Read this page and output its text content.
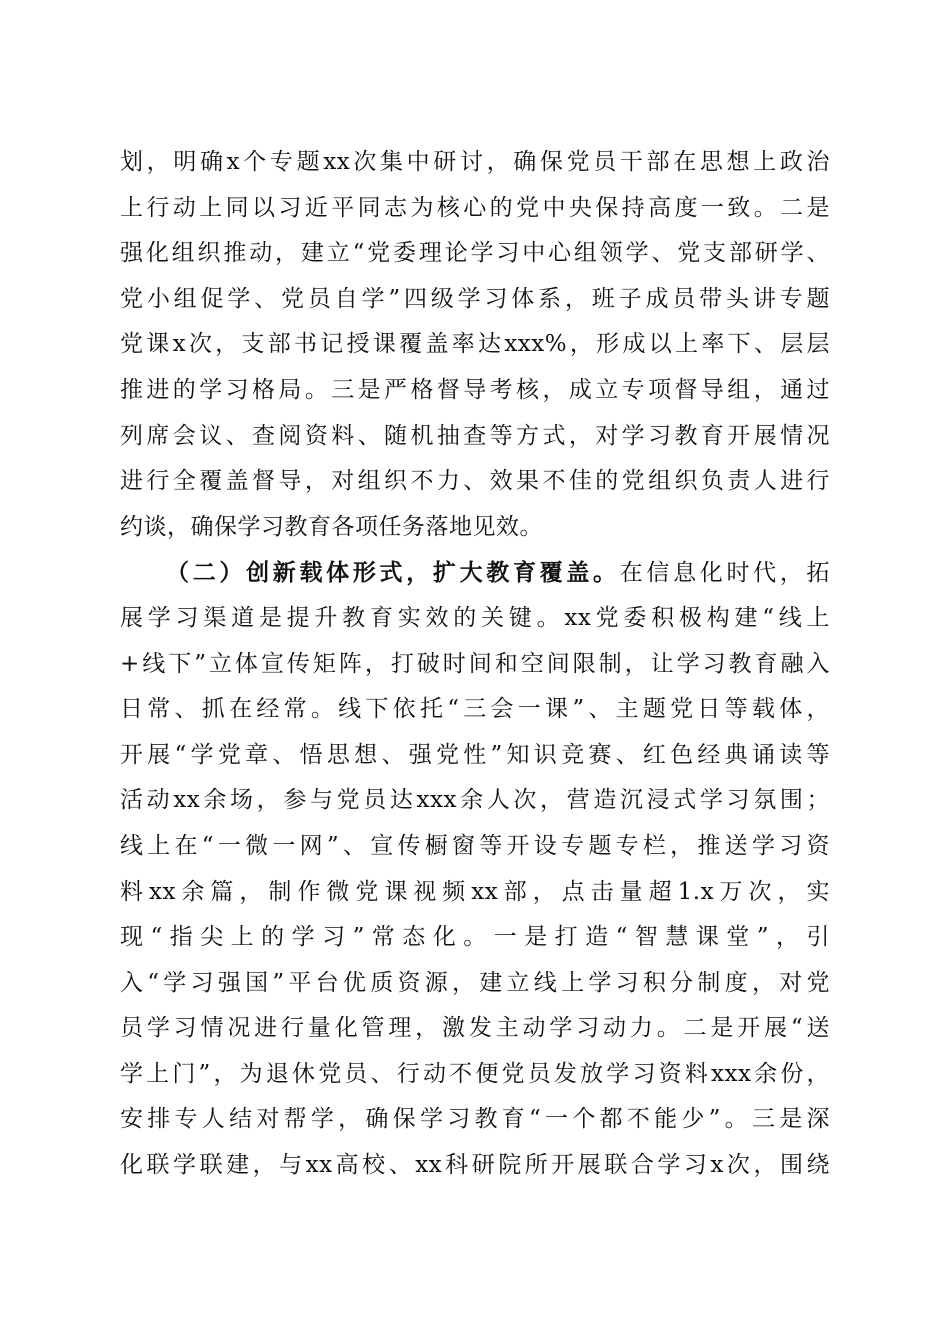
划，明确x个专题xx次集中研讨，确保党员干部在思想上政治
上行动上同以习近平同志为核心的党中央保持高度一致。二是
强化组织推动，建立“党委理论学习中心组领学、党支部研学、
党小组促学、党员自学”四级学习体系，班子成员带头讲专题
党课x次，支部书记授课覆盖率达xxx%，形成以上率下、层层
推进的学习格局。三是严格督导考核，成立专项督导组，通过
列席会议、查阅资料、随机抽查等方式，对学习教育开展情况
进行全覆盖督导，对组织不力、效果不佳的党组织负责人进行
约谈，确保学习教育各项任务落地见效。
（二）创新载体形式，扩大教育覆盖。在信息化时代，拓
展学习渠道是提升教育实效的关键。xx党委积极构建“线上
+线下”立体宣传矩阵，打破时间和空间限制，让学习教育融入
日常、抓在经常。线下依托“三会一课”、主题党日等载体，
开展“学党章、悟思想、强党性”知识竞赛、红色经典诵读等
活动xx余场，参与党员达xxx余人次，营造沉浸式学习氛围；
线上在“一微一网”、宣传橱窗等开设专题专栏，推送学习资
料xx余篇，制作微党课视频xx部，点击量超1.x万次，实
现“指尖上的学习”常态化。一是打造“智慧课堂”，引
入“学习强国”平台优质资源，建立线上学习积分制度，对党
员学习情况进行量化管理，激发主动学习动力。二是开展“送
学上门”，为退休党员、行动不便党员发放学习资料xxx余份，
安排专人结对帮学，确保学习教育“一个都不能少”。三是深
化联学联建，与xx高校、xx科研院所开展联合学习x次，围绕
